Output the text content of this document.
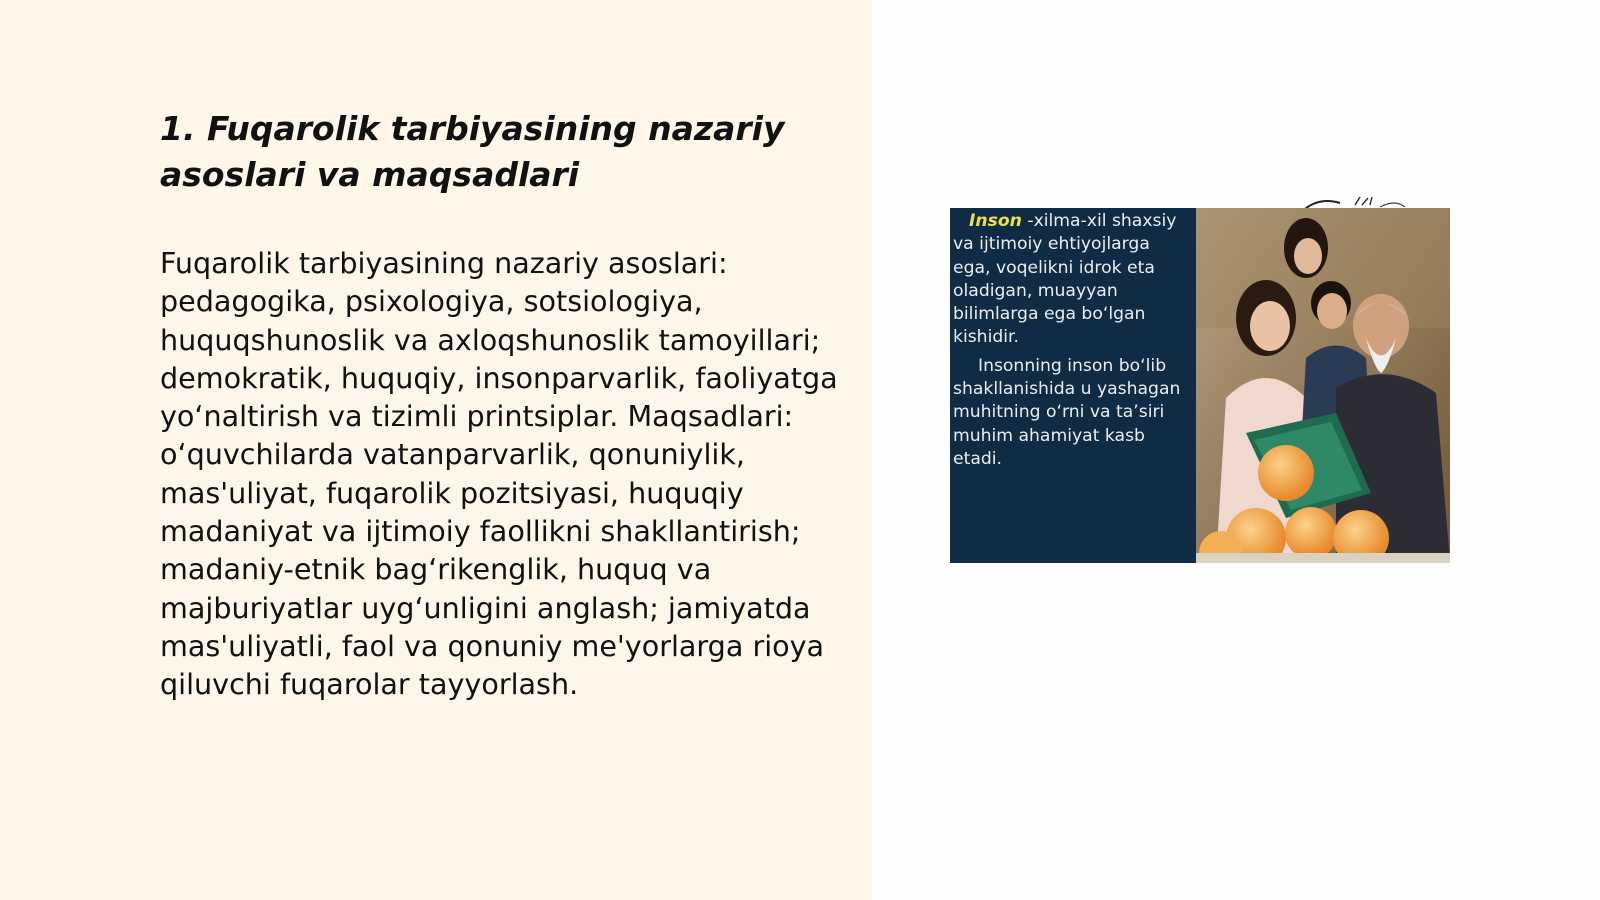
1. Fuqarolik tarbiyasining nazariy asoslari va maqsadlari

Fuqarolik tarbiyasining nazariy asoslari: pedagogika, psixologiya, sotsiologiya, huquqshunoslik va axloqshunoslik tamoyillari; demokratik, huquqiy, insonparvarlik, faoliyatga yo‘naltirish va tizimli printsiplar. Maqsadlari: o‘quvchilarda vatanparvarlik, qonuniylik, mas'uliyat, fuqarolik pozitsiyasi, huquqiy madaniyat va ijtimoiy faollikni shakllantirish; madaniy-etnik bag‘rikenglik, huquq va majburiyatlar uyg‘unligini anglash; jamiyatda mas'uliyatli, faol va qonuniy me'yorlarga rioya qiluvchi fuqarolar tayyorlash.

Inson -xilma-xil shaxsiy va ijtimoiy ehtiyojlarga ega, voqelikni idrok eta oladigan, muayyan bilimlarga ega bo‘lgan kishidir.

Insonning inson bo‘lib shakllanishida u yashagan muhitning o‘rni va ta’siri muhim ahamiyat kasb etadi.
